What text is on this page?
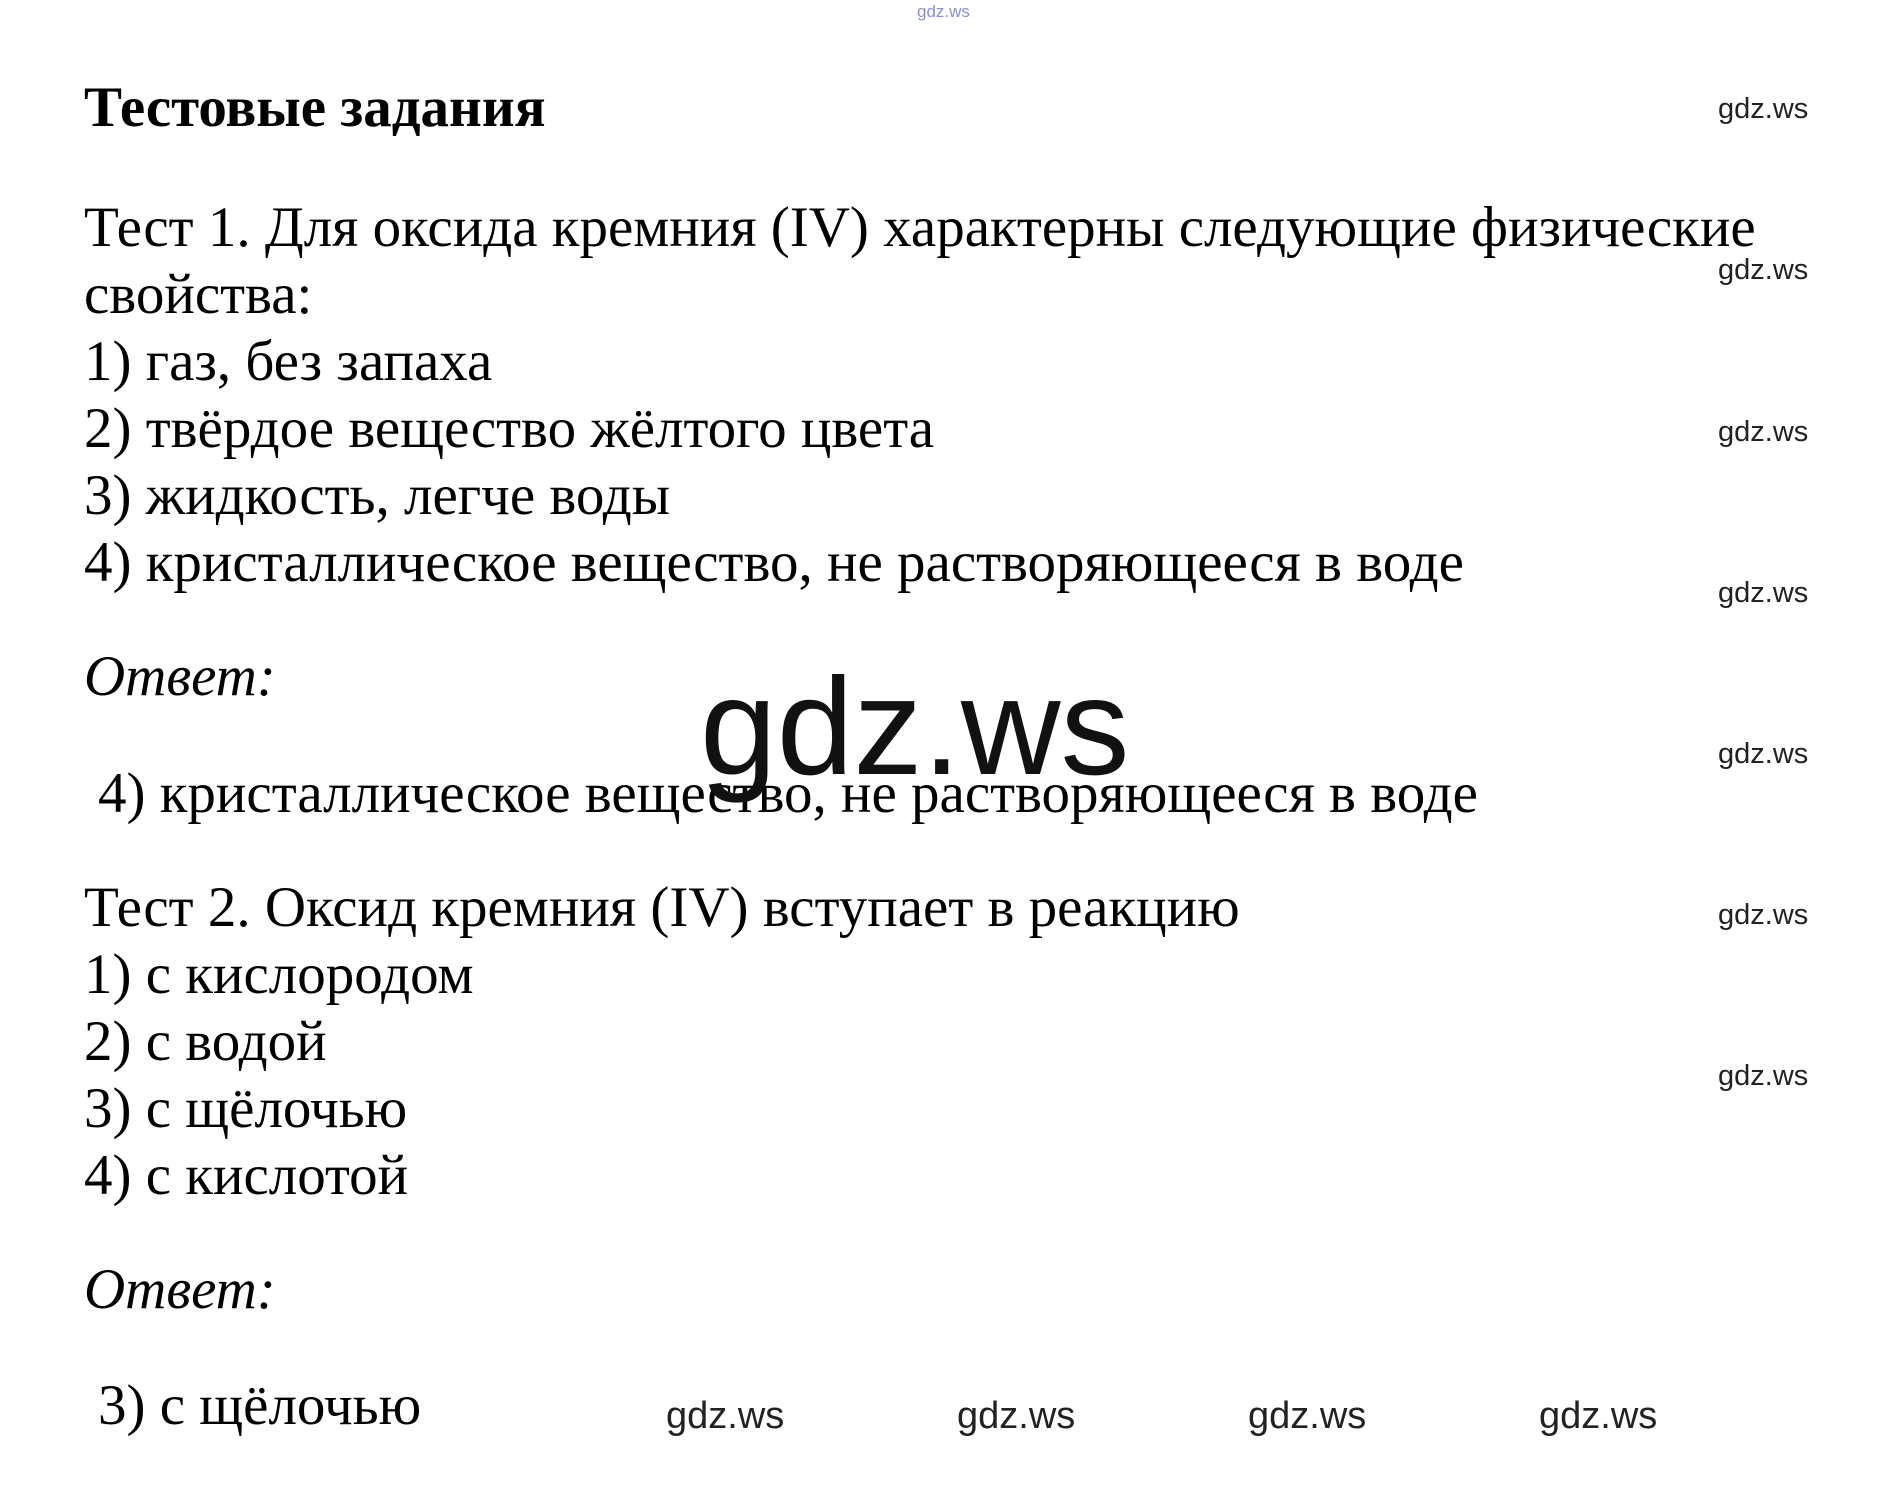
gdz.ws
Тестовые задания
Тест 1. Для оксида кремния (IV) характерны следующие физические
свойства:
1) газ, без запаха
2) твёрдое вещество жёлтого цвета
3) жидкость, легче воды
4) кристаллическое вещество, не растворяющееся в воде
Ответ:
4) кристаллическое вещество, не растворяющееся в воде
Тест 2. Оксид кремния (IV) вступает в реакцию
1) с кислородом
2) с водой
3) с щёлочью
4) с кислотой
Ответ:
3) с щёлочью
gdz.ws
gdz.ws
gdz.ws
gdz.ws
gdz.ws
gdz.ws
gdz.ws
gdz.ws
gdz.ws	gdz.ws	gdz.ws	gdz.ws
